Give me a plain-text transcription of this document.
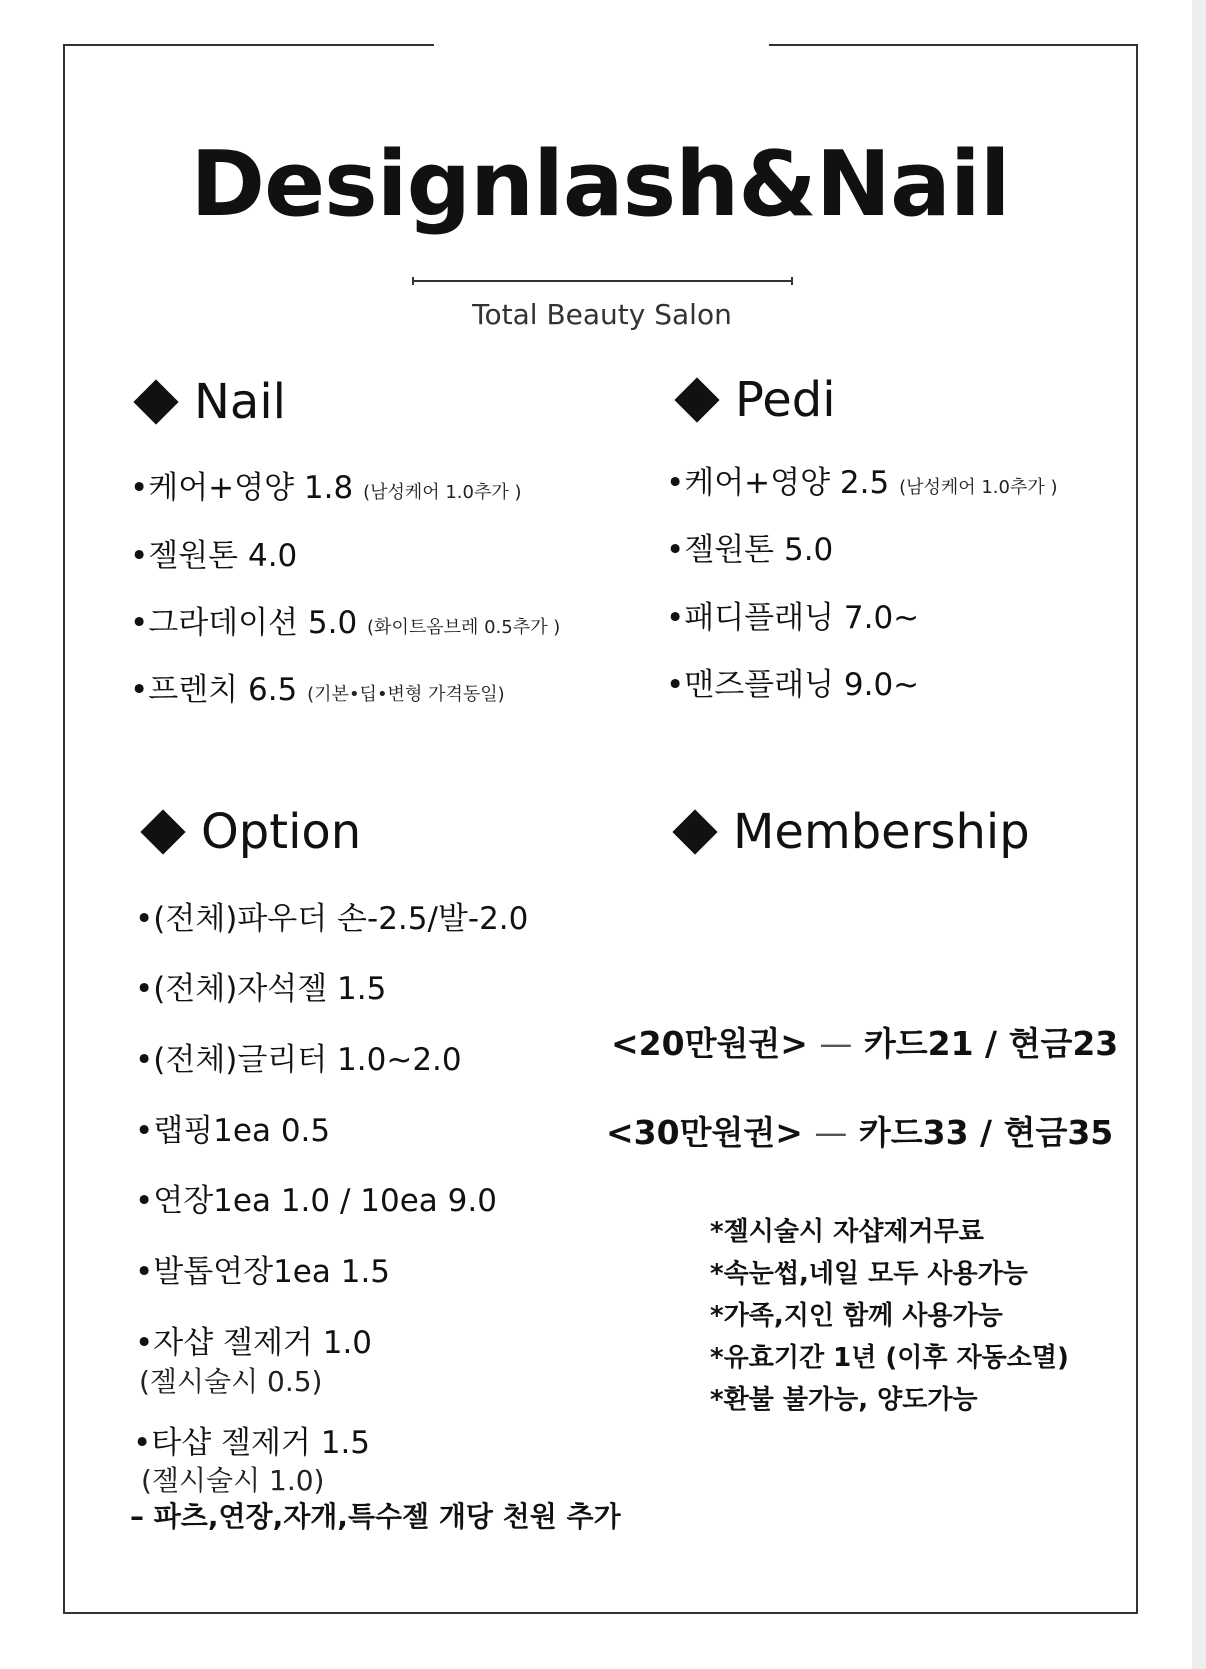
Designlash&Nail
Total Beauty Salon
Nail
•케어+영양 1.8 (남성케어 1.0추가 )
•젤원톤 4.0
•그라데이션 5.0 (화이트옴브레 0.5추가 )
•프렌치 6.5 (기본•딥•변형 가격동일)
Pedi
•케어+영양 2.5 (남성케어 1.0추가 )
•젤원톤 5.0
•패디플래닝 7.0~
•맨즈플래닝 9.0~
Option
•(전체)파우더 손-2.5/발-2.0
•(전체)자석젤 1.5
•(전체)글리터 1.0~2.0
•랩핑1ea 0.5
•연장1ea 1.0 / 10ea 9.0
•발톱연장1ea 1.5
•자샵 젤제거 1.0
(젤시술시 0.5)
•타샵 젤제거 1.5
(젤시술시 1.0)
– 파츠,연장,자개,특수젤 개당 천원 추가
Membership
<20만원권> — 카드21 / 현금23
<30만원권> — 카드33 / 현금35
*젤시술시 자샵제거무료
*속눈썹,네일 모두 사용가능
*가족,지인 함께 사용가능
*유효기간 1년 (이후 자동소멸)
*환불 불가능, 양도가능
